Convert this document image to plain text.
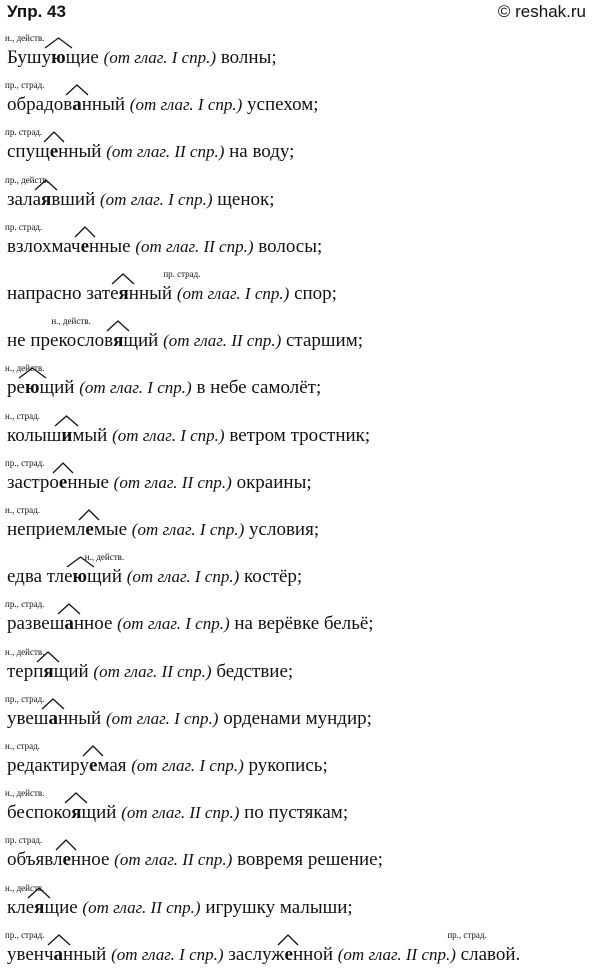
Упр. 43	© reshak.ru
Бушующие
н., действ.
(от глаг. I спр.) волны;
обрадованный
пр., страд.
(от глаг. I спр.) успехом;
спущенный
пр. страд.
(от глаг. II спр.) на воду;
залаявший
пр., действ.
(от глаг. I спр.) щенок;
взлохмаченные
пр. страд.
(от глаг. II спр.) волосы;
напрасно затеянный
пр. страд.
(от глаг. I спр.) спор;
не прекословящий
н., действ.
(от глаг. II спр.) старшим;
реющий
н., действ.
(от глаг. I спр.) в небе самолёт;
колышимый
н., страд.
(от глаг. I спр.) ветром тростник;
застроенные
пр., страд.
(от глаг. II спр.) окраины;
неприемлемые
н., страд.
(от глаг. I спр.) условия;
едва тлеющий
н., действ.
(от глаг. I спр.) костёр;
развешанное
пр., страд.
(от глаг. I спр.) на верёвке бельё;
терпящий
н., действ.
(от глаг. II спр.) бедствие;
увешанный
пр., страд.
(от глаг. I спр.) орденами мундир;
редактируемая
н., страд.
(от глаг. I спр.) рукопись;
беспокоящий
н., действ.
(от глаг. II спр.) по пустякам;
объявленное
пр. страд.
(от глаг. II спр.) вовремя решение;
клеящие
н., действ.
(от глаг. II спр.) игрушку малыши;
увенчанный
пр., страд.
(от глаг. I спр.) заслуженной
пр., страд.
(от глаг. II спр.) славой.
